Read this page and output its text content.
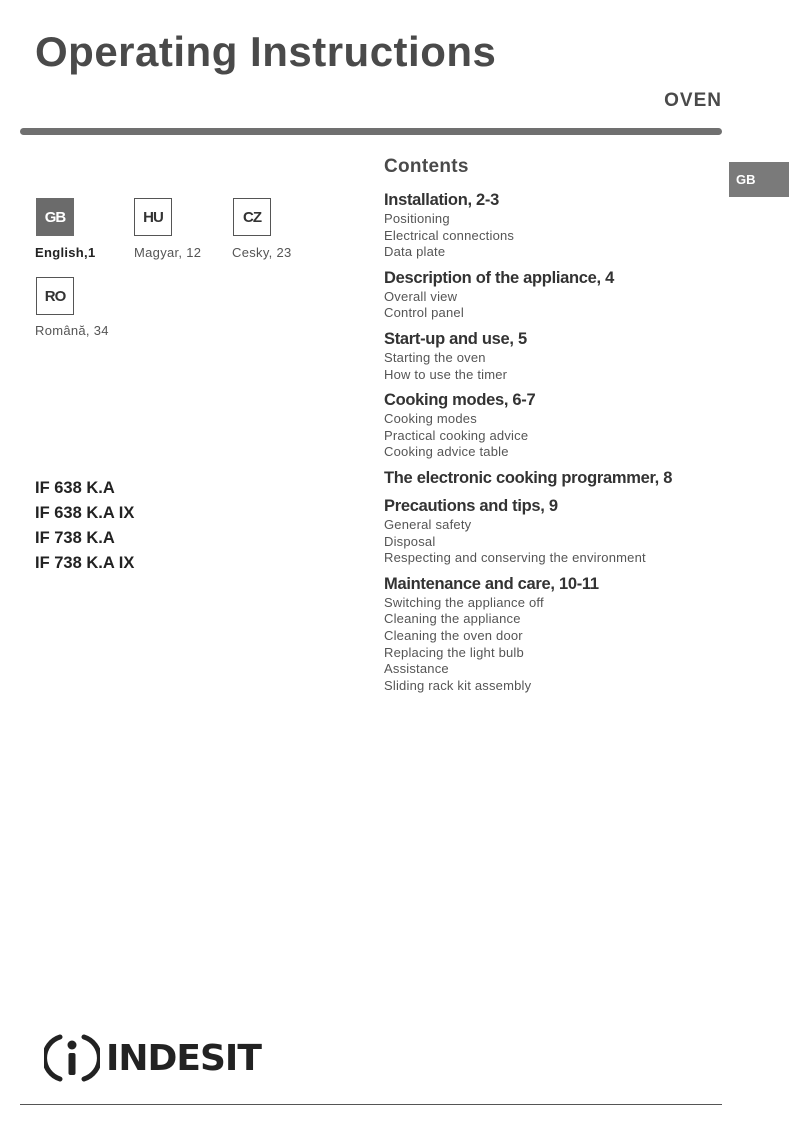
Operating Instructions
OVEN
GB
GB
English,1
HU
Magyar, 12
CZ
Cesky, 23
RO
Română, 34
IF 638 K.A
IF 638 K.A IX
IF 738 K.A
IF 738 K.A IX
Contents
Installation, 2-3
Positioning
Electrical connections
Data plate
Description of the appliance, 4
Overall view
Control panel
Start-up and use, 5
Starting the oven
How to use the timer
Cooking modes, 6-7
Cooking modes
Practical cooking advice
Cooking advice table
The electronic cooking programmer, 8
Precautions and tips, 9
General safety
Disposal
Respecting and conserving the environment
Maintenance and care, 10-11
Switching the appliance off
Cleaning the appliance
Cleaning the oven door
Replacing the light bulb
Assistance
Sliding rack kit assembly
INDESIT
